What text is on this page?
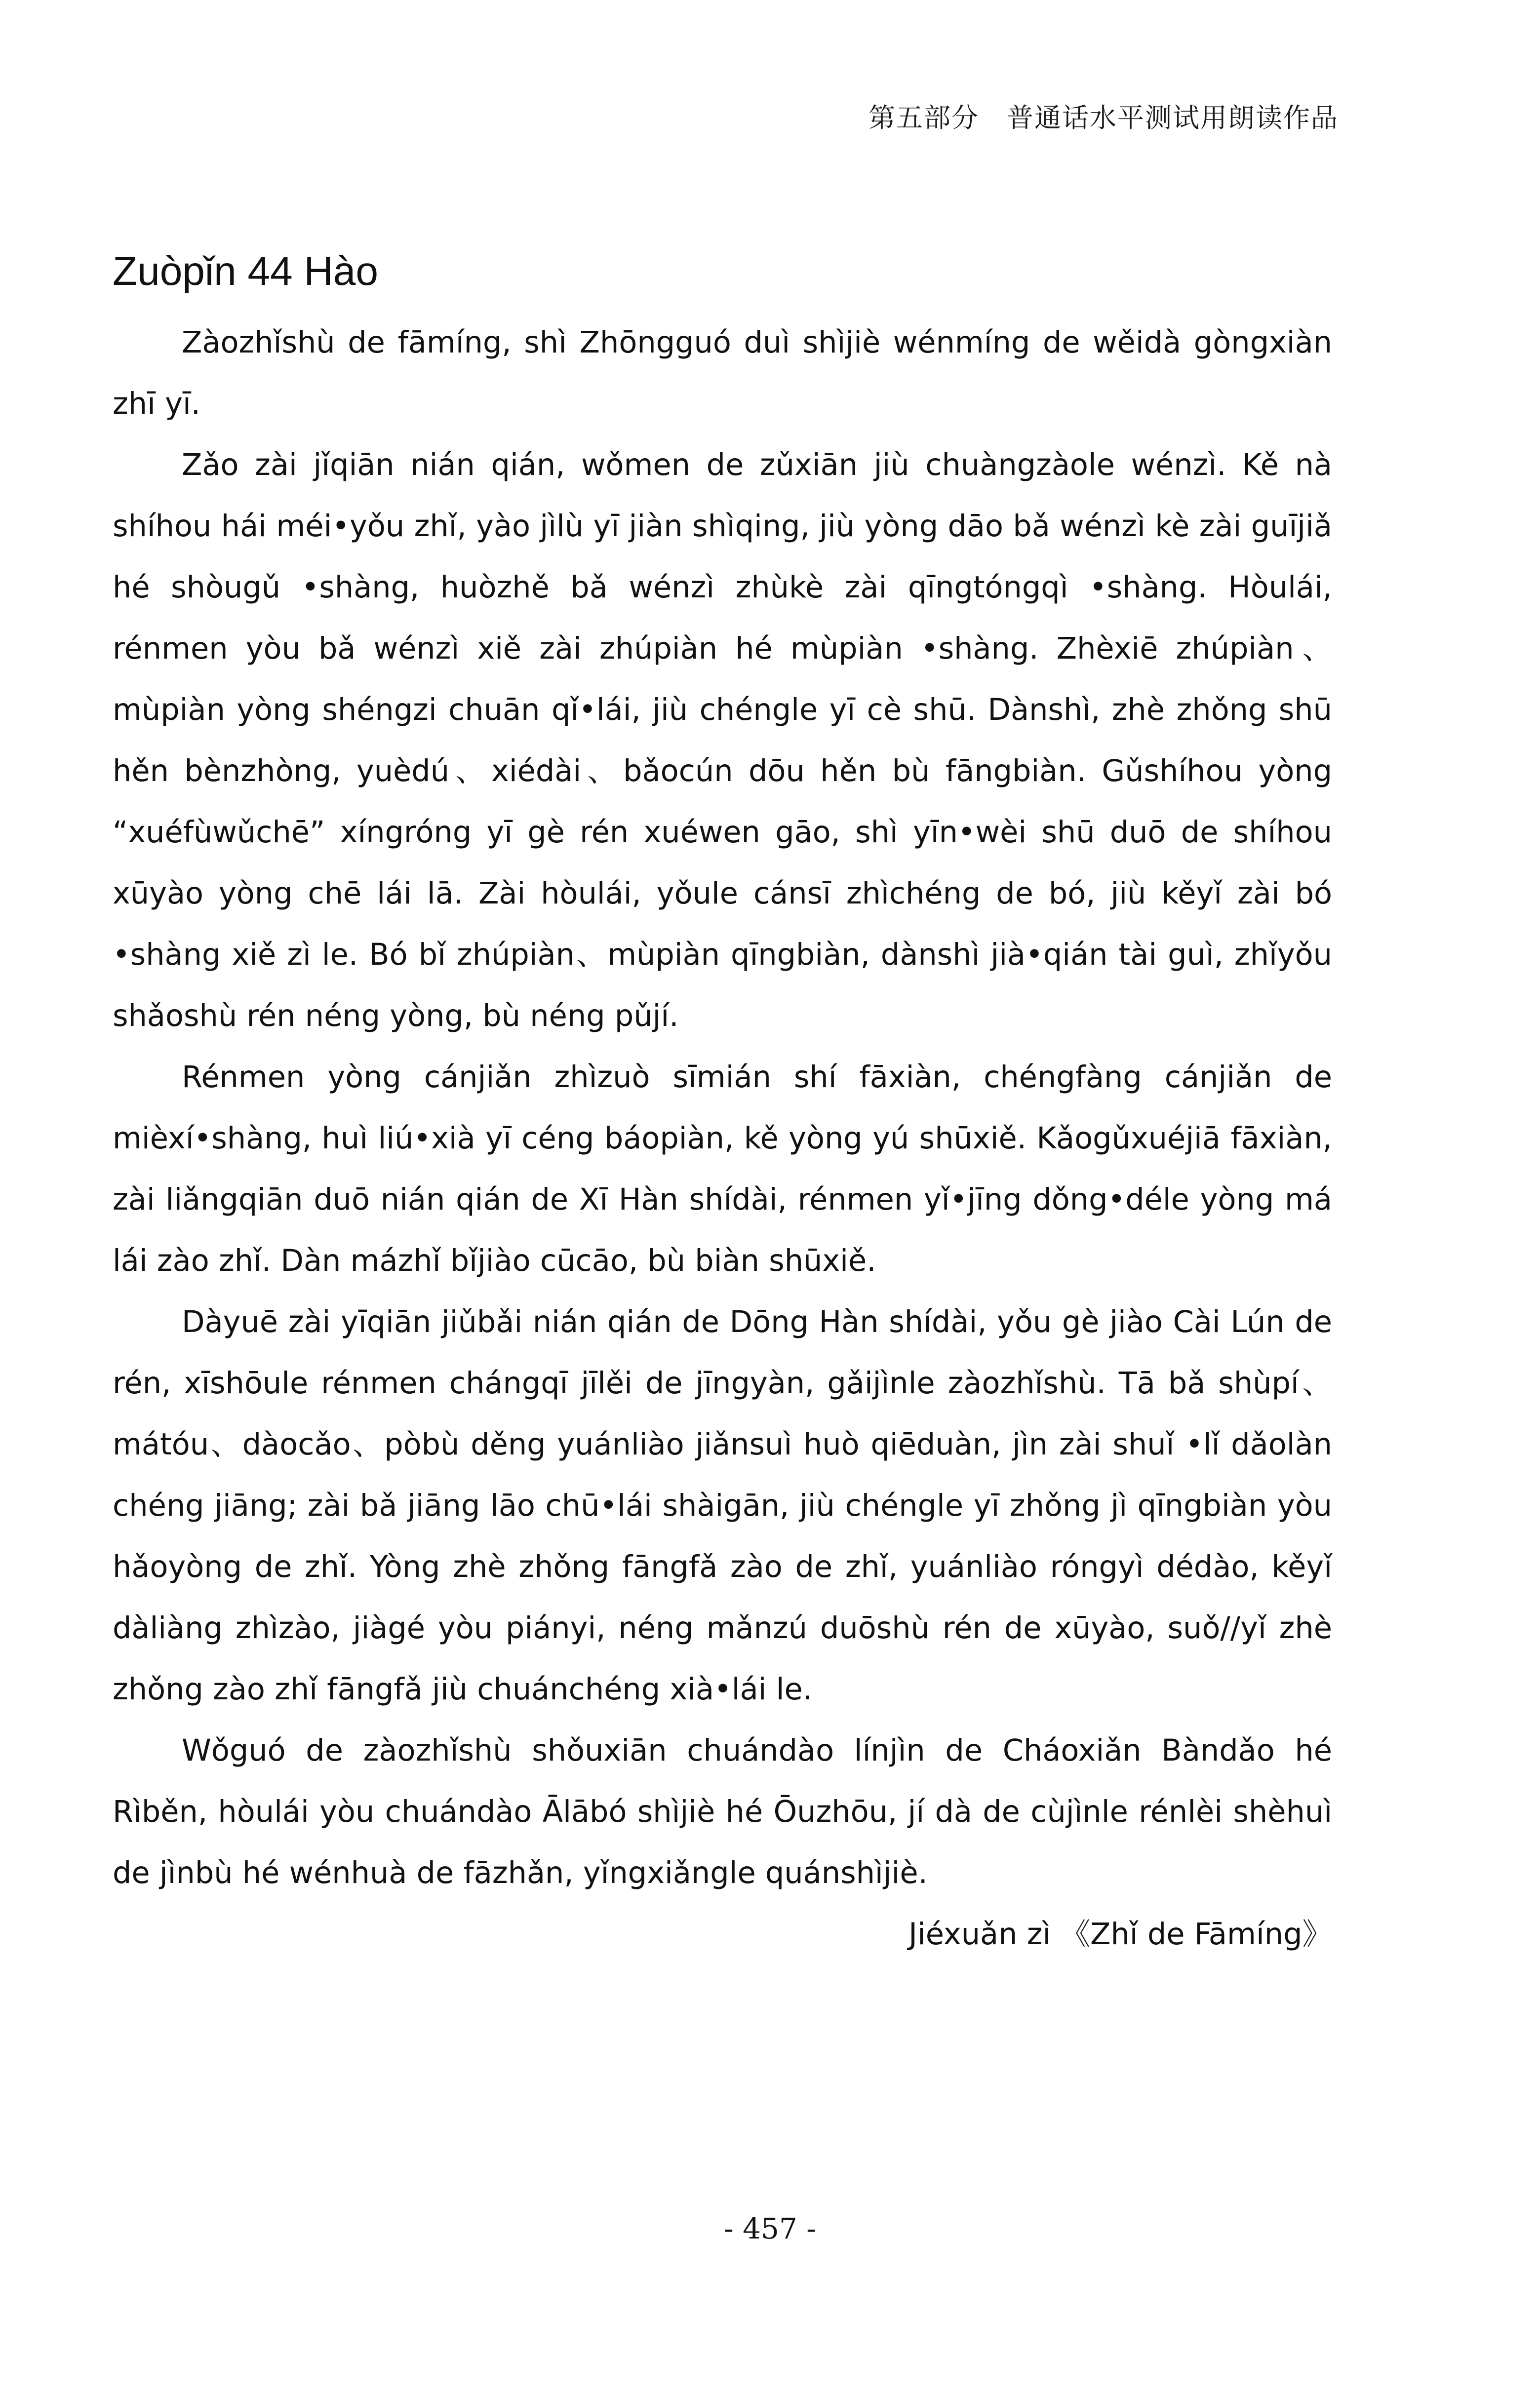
第五部分 普通话水平测试用朗读作品
Zuòpǐn 44 Hào

Zàozhǐshù de fāmíng, shì Zhōngguó duì shìjiè wénmíng de wěidà gòngxiàn zhī yī.

Zǎo zài jǐqiān nián qián, wǒmen de zǔxiān jiù chuàngzàole wénzì. Kě nà shíhou hái méi•yǒu zhǐ, yào jìlù yī jiàn shìqing, jiù yòng dāo bǎ wénzì kè zài guījiǎ hé shòugǔ •shàng, huòzhě bǎ wénzì zhùkè zài qīngtóngqì •shàng. Hòulái, rénmen yòu bǎ wénzì xiě zài zhúpiàn hé mùpiàn •shàng. Zhèxiē zhúpiàn、mùpiàn yòng shéngzi chuān qǐ•lái, jiù chéngle yī cè shū. Dànshì, zhè zhǒng shū hěn bènzhòng, yuèdú、xiédài、bǎocún dōu hěn bù fāngbiàn. Gǔshíhou yòng “xuéfùwǔchē” xíngróng yī gè rén xuéwen gāo, shì yīn•wèi shū duō de shíhou xūyào yòng chē lái lā. Zài hòulái, yǒule cánsī zhìchéng de bó, jiù kěyǐ zài bó •shàng xiě zì le. Bó bǐ zhúpiàn、mùpiàn qīngbiàn, dànshì jià•qián tài guì, zhǐyǒu shǎoshù rén néng yòng, bù néng pǔjí.

Rénmen yòng cánjiǎn zhìzuò sīmián shí fāxiàn, chéngfàng cánjiǎn de mièxí•shàng, huì liú•xià yī céng báopiàn, kě yòng yú shūxiě. Kǎogǔxuéjiā fāxiàn, zài liǎngqiān duō nián qián de Xī Hàn shídài, rénmen yǐ•jīng dǒng•déle yòng má lái zào zhǐ. Dàn mázhǐ bǐjiào cūcāo, bù biàn shūxiě.

Dàyuē zài yīqiān jiǔbǎi nián qián de Dōng Hàn shídài, yǒu gè jiào Cài Lún de rén, xīshōule rénmen chángqī jīlěi de jīngyàn, gǎijìnle zàozhǐshù. Tā bǎ shùpí、mátóu、dàocǎo、pòbù děng yuánliào jiǎnsuì huò qiēduàn, jìn zài shuǐ •lǐ dǎolàn chéng jiāng; zài bǎ jiāng lāo chū•lái shàigān, jiù chéngle yī zhǒng jì qīngbiàn yòu hǎoyòng de zhǐ. Yòng zhè zhǒng fāngfǎ zào de zhǐ, yuánliào róngyì dédào, kěyǐ dàliàng zhìzào, jiàgé yòu piányi, néng mǎnzú duōshù rén de xūyào, suǒ//yǐ zhè zhǒng zào zhǐ fāngfǎ jiù chuánchéng xià•lái le.

Wǒguó de zàozhǐshù shǒuxiān chuándào línjìn de Cháoxiǎn Bàndǎo hé Rìběn, hòulái yòu chuándào Ālābó shìjiè hé Ōuzhōu, jí dà de cùjìnle rénlèi shèhuì de jìnbù hé wénhuà de fāzhǎn, yǐngxiǎngle quánshìjiè.

Jiéxuǎn zì 《Zhǐ de Fāmíng》

- 457 -
